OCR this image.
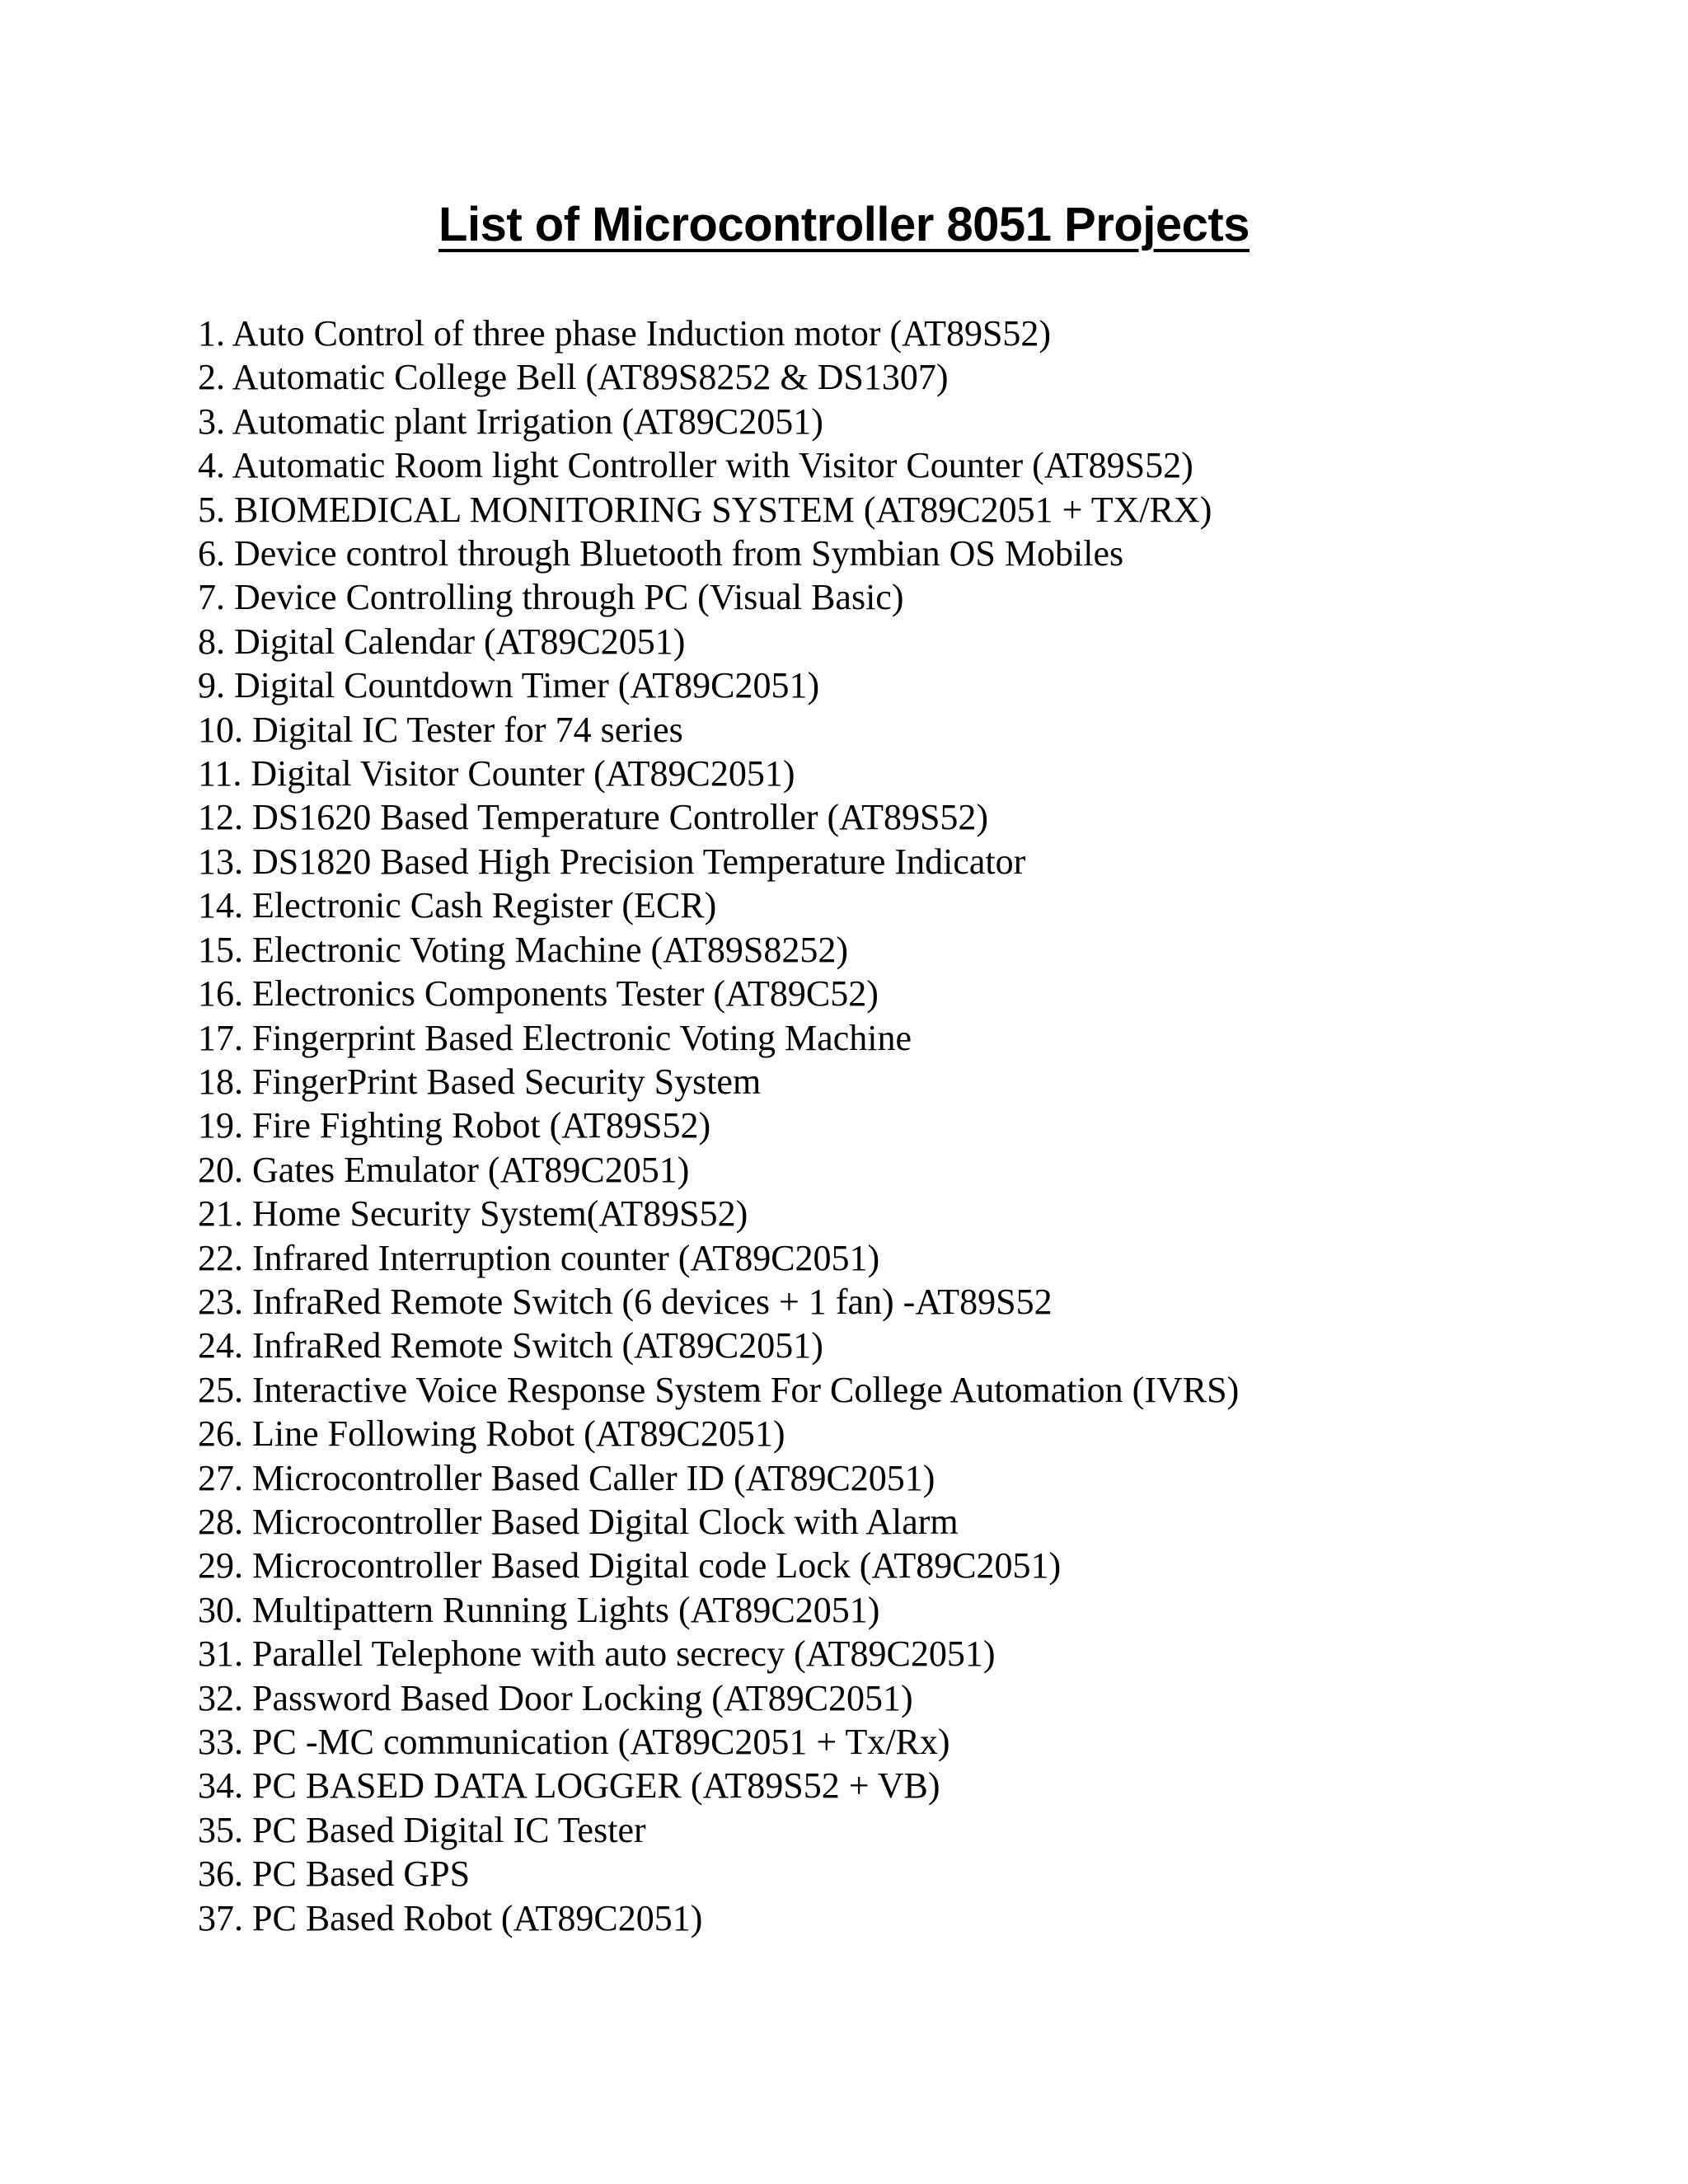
List of Microcontroller 8051 Projects
1. Auto Control of three phase Induction motor (AT89S52)
2. Automatic College Bell (AT89S8252 & DS1307)
3. Automatic plant Irrigation (AT89C2051)
4. Automatic Room light Controller with Visitor Counter (AT89S52)
5. BIOMEDICAL MONITORING SYSTEM (AT89C2051 + TX/RX)
6. Device control through Bluetooth from Symbian OS Mobiles
7. Device Controlling through PC (Visual Basic)
8. Digital Calendar (AT89C2051)
9. Digital Countdown Timer (AT89C2051)
10. Digital IC Tester for 74 series
11. Digital Visitor Counter (AT89C2051)
12. DS1620 Based Temperature Controller (AT89S52)
13. DS1820 Based High Precision Temperature Indicator
14. Electronic Cash Register (ECR)
15. Electronic Voting Machine (AT89S8252)
16. Electronics Components Tester (AT89C52)
17. Fingerprint Based Electronic Voting Machine
18. FingerPrint Based Security System
19. Fire Fighting Robot (AT89S52)
20. Gates Emulator (AT89C2051)
21. Home Security System(AT89S52)
22. Infrared Interruption counter (AT89C2051)
23. InfraRed Remote Switch (6 devices + 1 fan) -AT89S52
24. InfraRed Remote Switch (AT89C2051)
25. Interactive Voice Response System For College Automation (IVRS)
26. Line Following Robot (AT89C2051)
27. Microcontroller Based Caller ID (AT89C2051)
28. Microcontroller Based Digital Clock with Alarm
29. Microcontroller Based Digital code Lock (AT89C2051)
30. Multipattern Running Lights (AT89C2051)
31. Parallel Telephone with auto secrecy (AT89C2051)
32. Password Based Door Locking (AT89C2051)
33. PC -MC communication (AT89C2051 + Tx/Rx)
34. PC BASED DATA LOGGER (AT89S52 + VB)
35. PC Based Digital IC Tester
36. PC Based GPS
37. PC Based Robot (AT89C2051)
